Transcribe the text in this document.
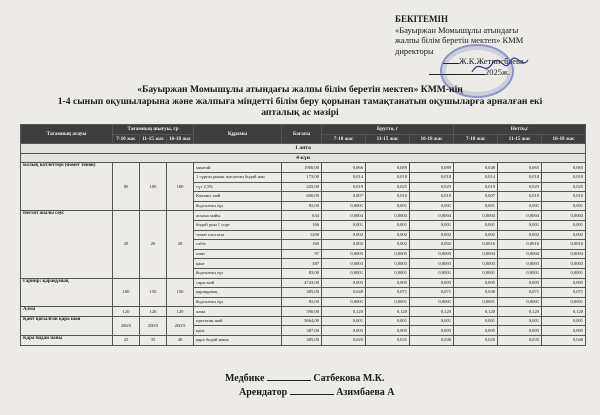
БЕКІТЕМІН
«Бауыржан Момышұлы атындағы
жалпы білім беретін мектеп» КММ
директоры
Ж.К.Жетписбаева
2025ж.
«Бауыржан Момышұлы атындағы жалпы білім беретін мектеп» КММ-нің
1-4 сынып оқушыларына және жалпыға міндетті білім беру қорынан тамақтанатын оқушыларға арналған екі
апталық ас мәзірі
Тағамның атауы	Тағамның шығуы, гр			Құрамы	Бағасы	Брутто, г			Нетто,г		
	7-10 жас	11-15 жас	16-18 жас			7-10 жас	11-15 жас	16-18 жас	7-10 жас	11-15 жас	16-18 жас
1 апта											
4-күн											
Балық котлеттері (помет тенов)	80	100	100	минтай	1900,00	0,066	0,089	0,089	0,048	0,065	0,065
				1 сұрпы ұннан жасалған бидай нан	173,00	0,014	0,018	0,018	0,014	0,018	0,018
				сүт 2,5%	425,00	0,019	0,025	0,025	0,019	0,025	0,025
				Көкөніс май	600,00	0,007	0,010	0,010	0,007	0,010	0,010
				йодталған тұз	83,00	0,0001	0,001	0,001	0,001	0,001	0,001
Негізгі жылы соус	20	20	20	асхана майы	634	0,0004	0,0004	0,0004	0,0004	0,0004	0,0004
				бидай ұны 1 сорт	166	0,001	0,001	0,001	0,001	0,001	0,001
				томат пастасы	1200	0,002	0,002	0,002	0,002	0,002	0,002
				сәбіз	160	0,002	0,002	0,002	0,0016	0,0016	0,0016
				пияз	97	0,0005	0,0005	0,0005	0,0004	0,0004	0,0004
				қант	387	0,0003	0,0003	0,0003	0,0003	0,0003	0,0003
				йодталған тұз	83,00	0,0001	0,0001	0,0001	0,0001	0,0001	0,0001
Гарнир: қарақұмық	100	150	150	сары май	4743,00	0,005	0,005	0,005	0,005	0,005	0,005
				қарақұмық	385,00	0,048	0,071	0,071	0,048	0,071	0,071
				йодталған тұз	83,00	0,0001	0,0001	0,0001	0,0001	0,0001	0,0001
Алма	120	120	120	алма	590,00	0,120	0,120	0,120	0,120	0,120	0,120
Қант қосылған қара шай	200/5	200/5	200/5	пресьтан шай	5664,00	0,001	0,001	0,001	0,001	0,001	0,001
				қант	387,00	0,005	0,005	0,005	0,005	0,005	0,005
Қара бидай наны	25	35	40	қара бидай наны	385,00	0,020	0,035	0,040	0,020	0,035	0,040
Медбике	Сатбекова М.К.
Арендатор	Азимбаева А
